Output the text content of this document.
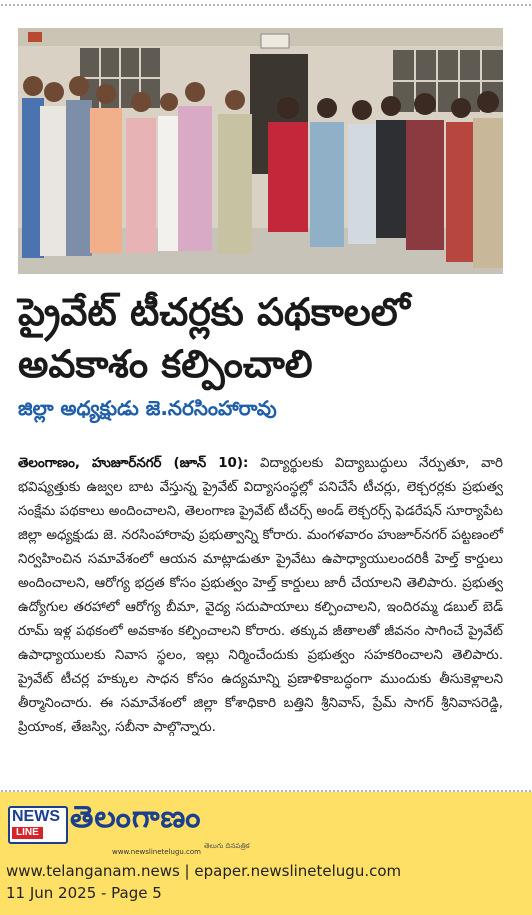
ప్రైవేట్ టీచర్లకు పథకాలలో
అవకాశం కల్పించాలి

జిల్లా అధ్యక్షుడు జె.నరసింహారావు

తెలంగాణం, హుజూర్‌నగర్ (జూన్ 10): విద్యార్థులకు విద్యాబుద్ధులు నేర్పుతూ, వారి భవిష్యత్తుకు ఉజ్వల బాట వేస్తున్న ప్రైవేట్ విద్యాసంస్థల్లో పనిచేసే టీచర్లు, లెక్చరర్లకు ప్రభుత్వ సంక్షేమ పథకాలు అందించాలని, తెలంగాణ ప్రైవేట్ టీచర్స్ అండ్ లెక్చరర్స్ ఫెడరేషన్ సూర్యాపేట జిల్లా అధ్యక్షుడు జె. నరసింహారావు ప్రభుత్వాన్ని కోరారు. మంగళవారం హుజూర్‌నగర్ పట్టణంలో నిర్వహించిన సమావేశంలో ఆయన మాట్లాడుతూ ప్రైవేటు ఉపాధ్యాయులందరికీ హెల్త్ కార్డులు అందించాలని, ఆరోగ్య భద్రత కోసం ప్రభుత్వం హెల్త్ కార్డులు జారీ చేయాలని తెలిపారు. ప్రభుత్వ ఉద్యోగుల తరహాలో ఆరోగ్య బీమా, వైద్య సదుపాయాలు కల్పించాలని, ఇందిరమ్మ డబుల్ బెడ్ రూమ్ ఇళ్ల పథకంలో అవకాశం కల్పించాలని కోరారు. తక్కువ జీతాలతో జీవనం సాగించే ప్రైవేట్ ఉపాధ్యాయులకు నివాస స్థలం, ఇల్లు నిర్మించేందుకు ప్రభుత్వం సహకరించాలని తెలిపారు. ప్రైవేట్ టీచర్ల హక్కుల సాధన కోసం ఉద్యమాన్ని ప్రణాళికాబద్ధంగా ముందుకు తీసుకెళ్లాలని తీర్మానించారు. ఈ సమావేశంలో జిల్లా కోశాధికారి బత్తిని శ్రీనివాస్, ప్రేమ్ సాగర్ శ్రీనివాసరెడ్డి, ప్రియాంక, తేజస్వి, సబీనా పాల్గొన్నారు.

NEWS
LINE తెలంగాణం
www.newslinetelugu.com
తెలుగు దినపత్రిక
www.telanganam.news | epaper.newslinetelugu.com
11 Jun 2025 - Page 5
